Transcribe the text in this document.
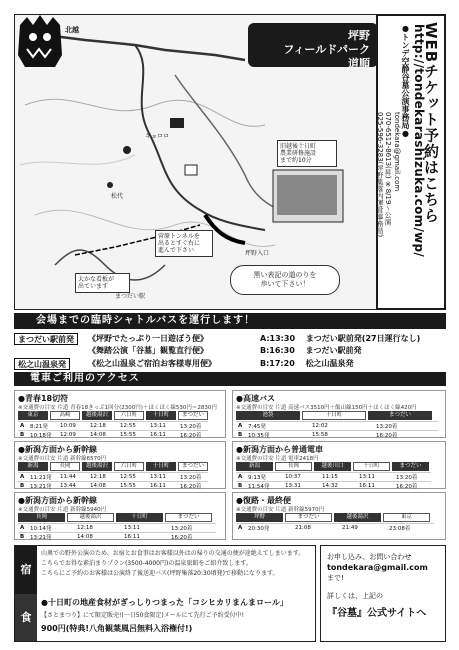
坪野
フィールドパーク
道順
北越
菅原トンネルを
出るとすぐ右に
進んで下さい	坪野入口
大かな看板が
出ています
まつだい駅
キョロロ
松代
旧越後十日町
農業研修施設
まで約10分
黒い表記の道のりを
歩いて下さい！
WEBチケット予約はこちら
http://tondekarashizuka.com/wp/
●トンデ空静谷墓公演事務局●
tondekara@gmail.com
070-6512-8613(昇) ※8/19〜公演
025-596-3283(坪野集落内運営事務局)
会場までの臨時シャトルバスを運行します！
まつだい駅前発	《坪野でたっぷり一日遊ぼう便》	A:13:30 まつだい駅前発(27日運行なし)
《舞踏公演「谷墓」観覧直行便》	B:16:30 まつだい駅前発
松之山温泉発	《松之山温泉ご宿泊お客様専用便》	B:17:20 松之山温泉発
電車ご利用のアクセス
●青春18切符
※交通費の目安 片道 青春18きっぷ1回分(2300円)＋ほくほく線530円＝2830円
東京	高崎	越後湯沢	六日町	十日町	まつだい
A	8:21発	10:09	12:18	12:55	13:11	13:20着
B	10:18発	12:09	14:08	15:55	16:11	16:20着
●高速バス
※交通費の目安 片道 高速バス3510円＋飯山線150円＋ほくほく線420円
池袋	十日町	まつだい
A	7:45発	12:02	13:20着
B	10:35発	15:58	16:20着
●新潟方面から新幹線
※交通費の目安 片道 新幹線6570円
新潟	長岡	越後湯沢	六日町	十日町	まつだい
A	11:21発	11:44	12:18	12:55	13:11	13:20着
B	13:21発	13:44	14:08	15:55	16:11	16:20着
●新潟方面から普通電車
※交通費の目安 片道 電車2418円
新潟	長岡	越後川口	十日町	まつだい
A	9:13発	10:37	11:15	13:11	13:20着
B	11:54発	13:31	14:32	16:11	16:20着
●新潟方面から新幹線
※交通費の目安 片道 新幹線5940円
長岡	越後湯沢	十日町	まつだい
A	10:14発	12:18	13:11	13:20着
B	13:21発	14:08	16:11	16:20着
●復路・最終便
※交通費の目安 片道 新幹線5970円
坪野	まつだい	越後湯沢	東京
A	20:30発	21:08	21:49	23:08着
宿
食
山奥での野外公演のため、お宿とお食事はお客様以外はの帰りの交通の便が途絶えてしまいます。
こちらでお得な素泊まりプラン(3500-4000円)の温泉旅館をご紹介致します。
こちらにご予約のお客様は公演終了後送迎バス(坪野集落20:30頃発)で移動になります。
●十日町の地産食材がぎっしりつまった「コシヒカリまんまロール」
【さとまつり】にて限定販売!(一日50食限定)メールにて先行ご予約受付中!
900円(特典!八角観葉風呂無料入浴権付!)
お申し込み、お問い合わせ
tondekara@gmail.com
まで!
詳しくは、上記の
『谷墓』公式サイトへ
